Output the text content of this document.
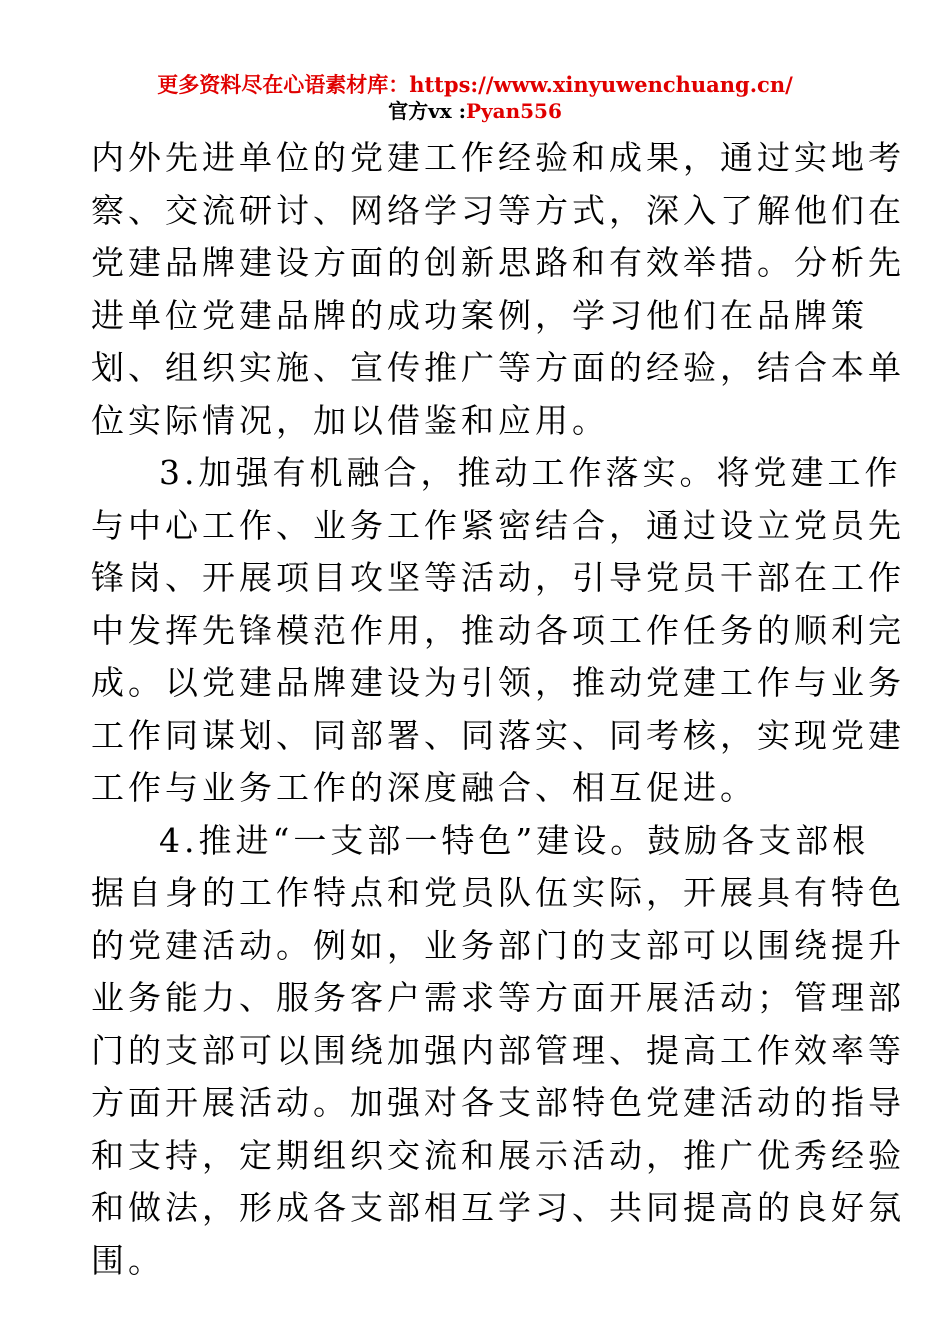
更多资料尽在心语素材库：https://www.xinyuwenchuang.cn/
官方vx :Pyan556
内外先进单位的党建工作经验和成果，通过实地考
察、交流研讨、网络学习等方式，深入了解他们在
党建品牌建设方面的创新思路和有效举措。分析先
进单位党建品牌的成功案例，学习他们在品牌策
划、组织实施、宣传推广等方面的经验，结合本单
位实际情况，加以借鉴和应用。
3.加强有机融合，推动工作落实。将党建工作
与中心工作、业务工作紧密结合，通过设立党员先
锋岗、开展项目攻坚等活动，引导党员干部在工作
中发挥先锋模范作用，推动各项工作任务的顺利完
成。以党建品牌建设为引领，推动党建工作与业务
工作同谋划、同部署、同落实、同考核，实现党建
工作与业务工作的深度融合、相互促进。
4.推进“一支部一特色”建设。鼓励各支部根
据自身的工作特点和党员队伍实际，开展具有特色
的党建活动。例如，业务部门的支部可以围绕提升
业务能力、服务客户需求等方面开展活动；管理部
门的支部可以围绕加强内部管理、提高工作效率等
方面开展活动。加强对各支部特色党建活动的指导
和支持，定期组织交流和展示活动，推广优秀经验
和做法，形成各支部相互学习、共同提高的良好氛
围。
